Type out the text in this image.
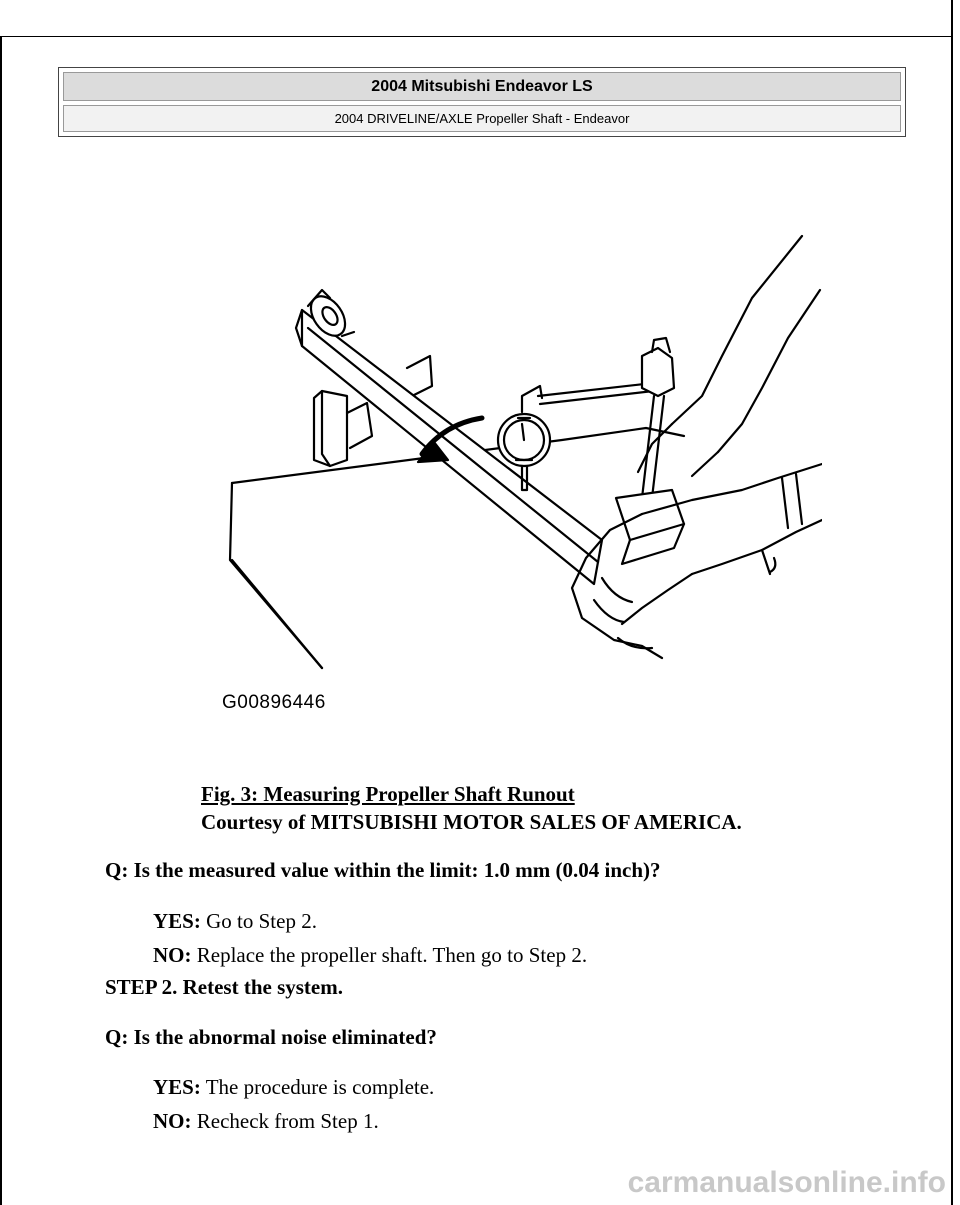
2004 Mitsubishi Endeavor LS
2004 DRIVELINE/AXLE Propeller Shaft - Endeavor
G00896446
Fig. 3: Measuring Propeller Shaft Runout
Courtesy of MITSUBISHI MOTOR SALES OF AMERICA.
Q: Is the measured value within the limit: 1.0 mm (0.04 inch)?
YES: Go to Step 2.
NO: Replace the propeller shaft. Then go to Step 2.
STEP 2. Retest the system.
Q: Is the abnormal noise eliminated?
YES: The procedure is complete.
NO: Recheck from Step 1.
carmanualsonline.info
